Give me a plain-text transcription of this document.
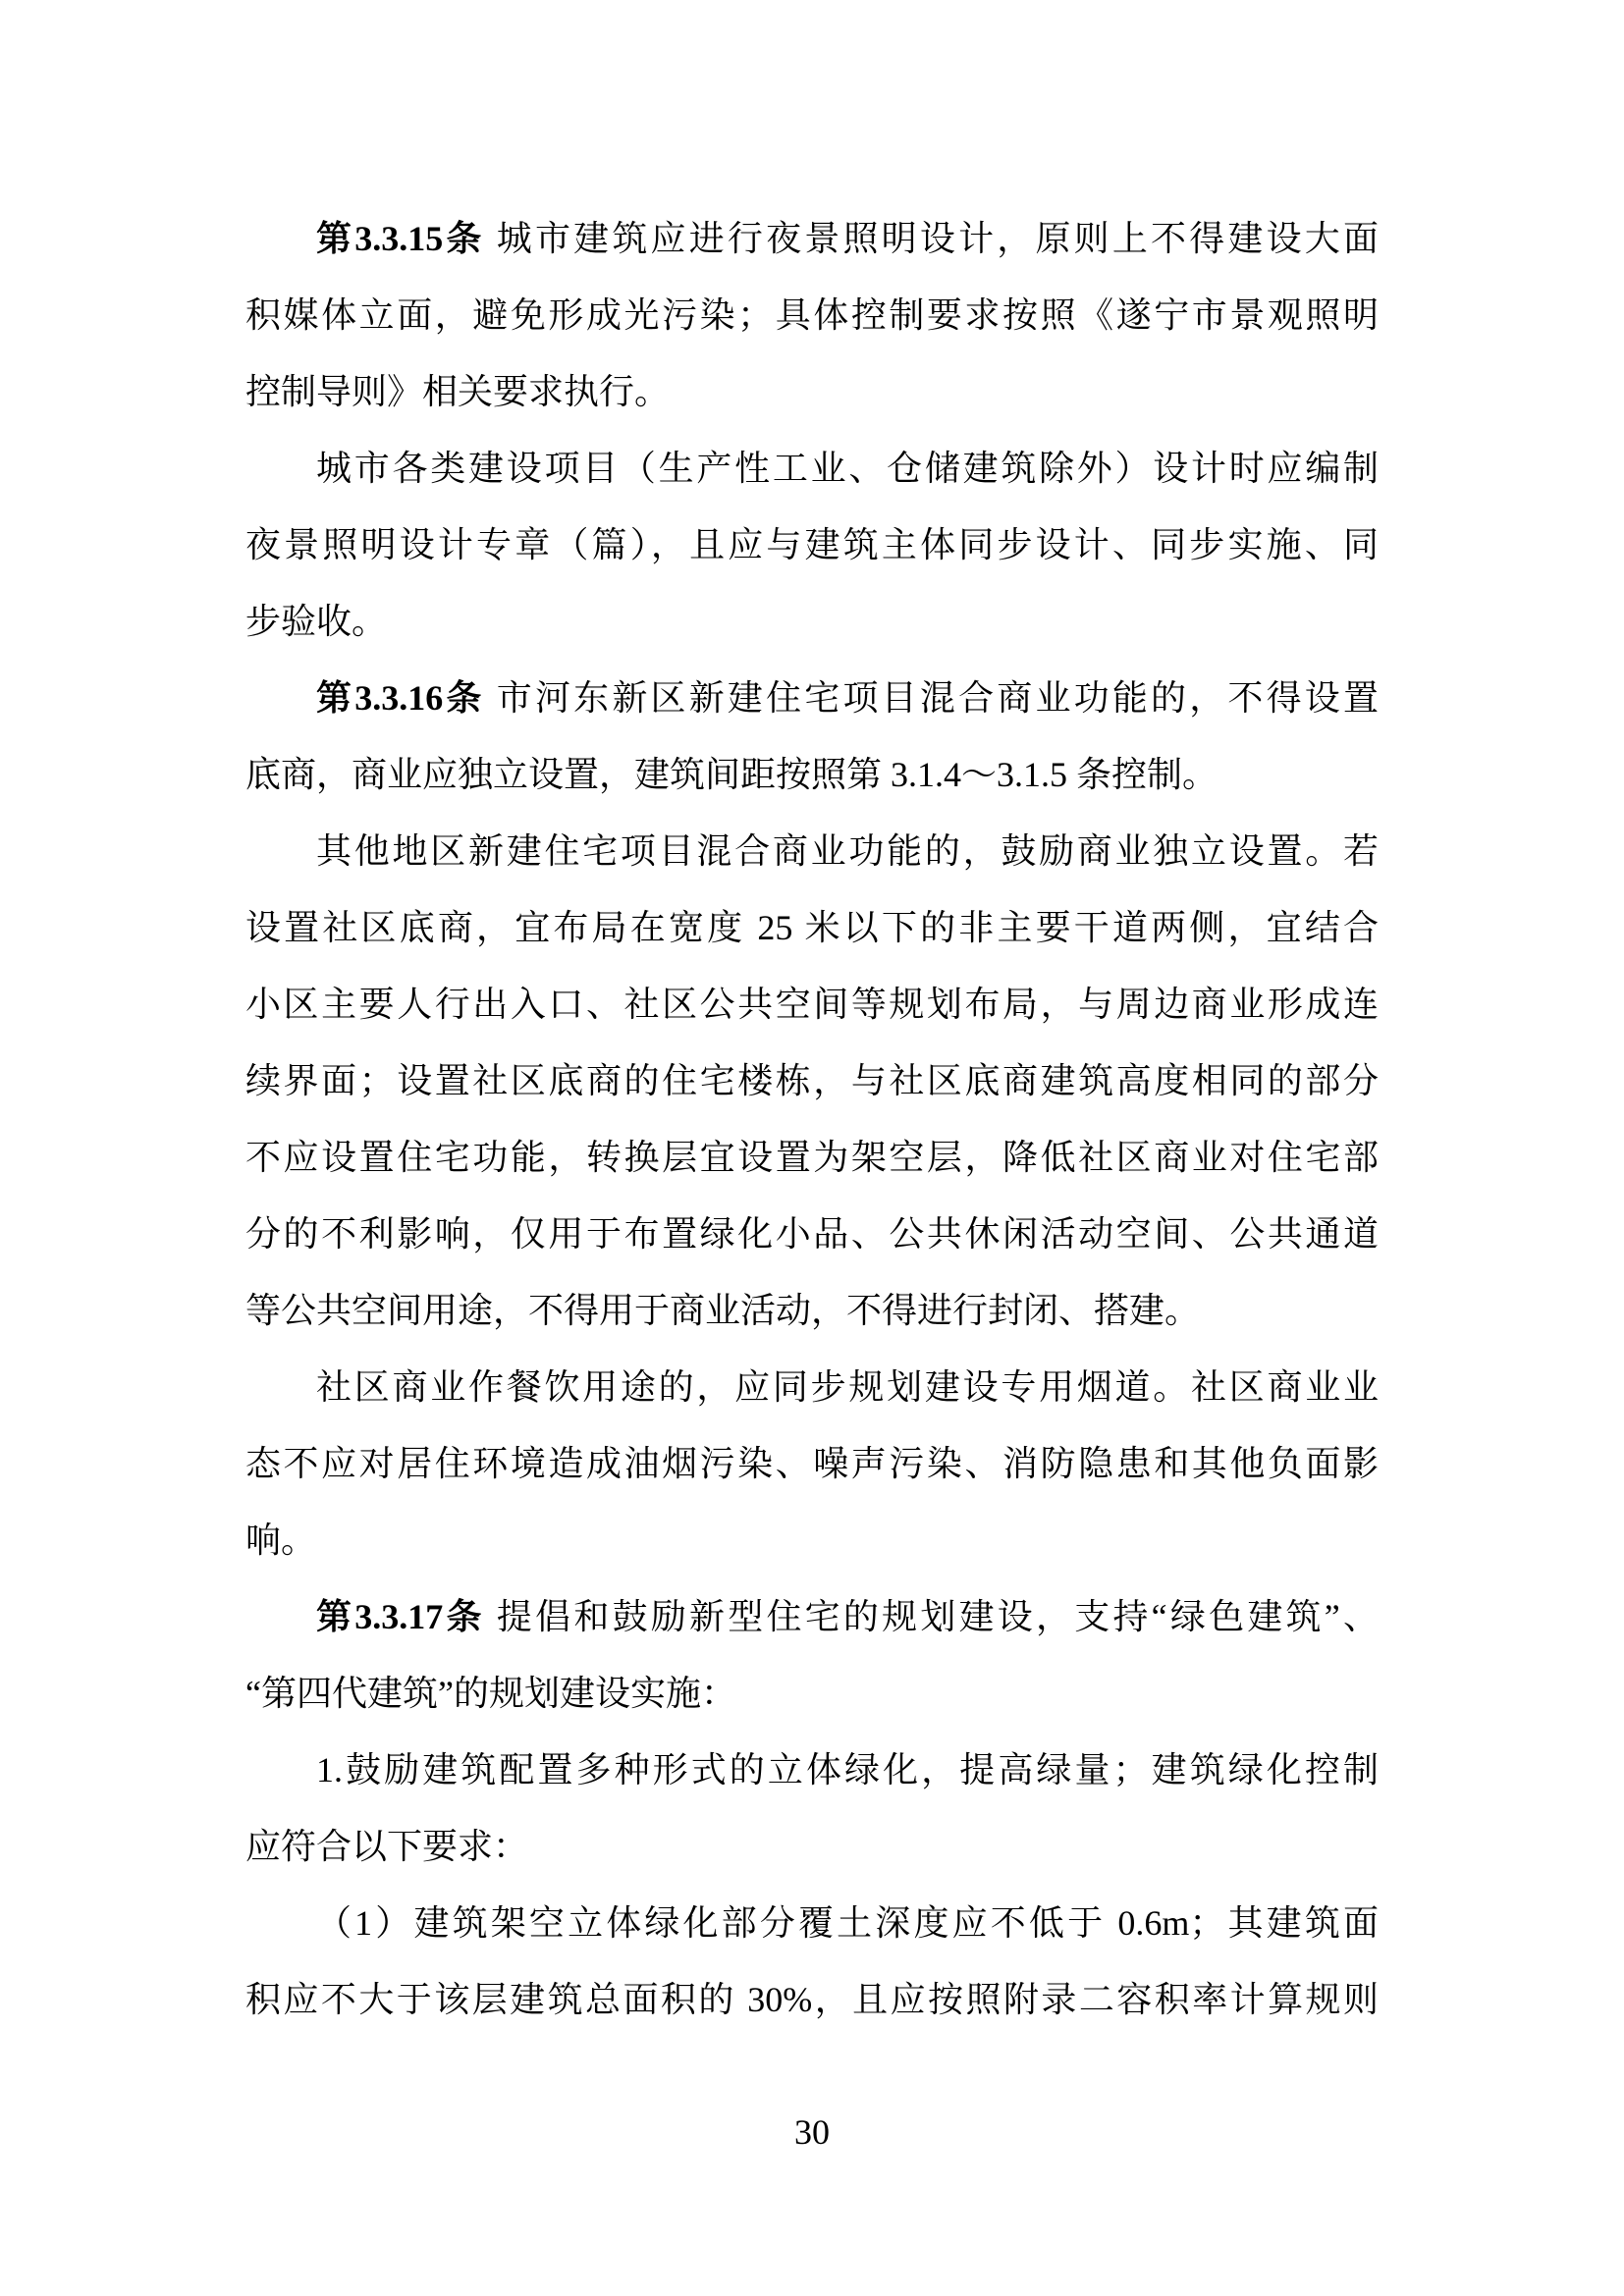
第3.3.15条 城市建筑应进行夜景照明设计，原则上不得建设大面
积媒体立面，避免形成光污染；具体控制要求按照《遂宁市景观照明
控制导则》相关要求执行。
城市各类建设项目（生产性工业、仓储建筑除外）设计时应编制
夜景照明设计专章（篇），且应与建筑主体同步设计、同步实施、同
步验收。
第3.3.16条 市河东新区新建住宅项目混合商业功能的，不得设置
底商，商业应独立设置，建筑间距按照第 3.1.4～3.1.5 条控制。
其他地区新建住宅项目混合商业功能的，鼓励商业独立设置。若
设置社区底商，宜布局在宽度 25 米以下的非主要干道两侧，宜结合
小区主要人行出入口、社区公共空间等规划布局，与周边商业形成连
续界面；设置社区底商的住宅楼栋，与社区底商建筑高度相同的部分
不应设置住宅功能，转换层宜设置为架空层，降低社区商业对住宅部
分的不利影响，仅用于布置绿化小品、公共休闲活动空间、公共通道
等公共空间用途，不得用于商业活动，不得进行封闭、搭建。
社区商业作餐饮用途的，应同步规划建设专用烟道。社区商业业
态不应对居住环境造成油烟污染、噪声污染、消防隐患和其他负面影
响。
第3.3.17条 提倡和鼓励新型住宅的规划建设，支持“绿色建筑”、
“第四代建筑”的规划建设实施：
1.鼓励建筑配置多种形式的立体绿化，提高绿量；建筑绿化控制
应符合以下要求：
（1）建筑架空立体绿化部分覆土深度应不低于 0.6m；其建筑面
积应不大于该层建筑总面积的 30%，且应按照附录二容积率计算规则
30
